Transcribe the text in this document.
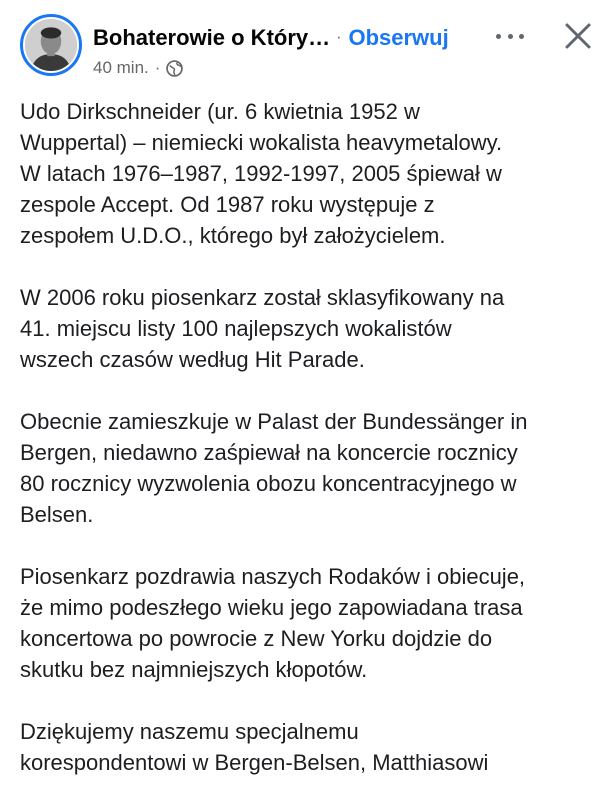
Bohaterowie o Który… · Obserwuj
40 min. ·

Udo Dirkschneider (ur. 6 kwietnia 1952 w
Wuppertal) – niemiecki wokalista heavymetalowy.
W latach 1976–1987, 1992-1997, 2005 śpiewał w
zespole Accept. Od 1987 roku występuje z
zespołem U.D.O., którego był założycielem.

W 2006 roku piosenkarz został sklasyfikowany na
41. miejscu listy 100 najlepszych wokalistów
wszech czasów według Hit Parade.

Obecnie zamieszkuje w Palast der Bundessänger in
Bergen, niedawno zaśpiewał na koncercie rocznicy
80 rocznicy wyzwolenia obozu koncentracyjnego w
Belsen.

Piosenkarz pozdrawia naszych Rodaków i obiecuje,
że mimo podeszłego wieku jego zapowiadana trasa
koncertowa po powrocie z New Yorku dojdzie do
skutku bez najmniejszych kłopotów.

Dziękujemy naszemu specjalnemu
korespondentowi w Bergen-Belsen, Matthiasowi
